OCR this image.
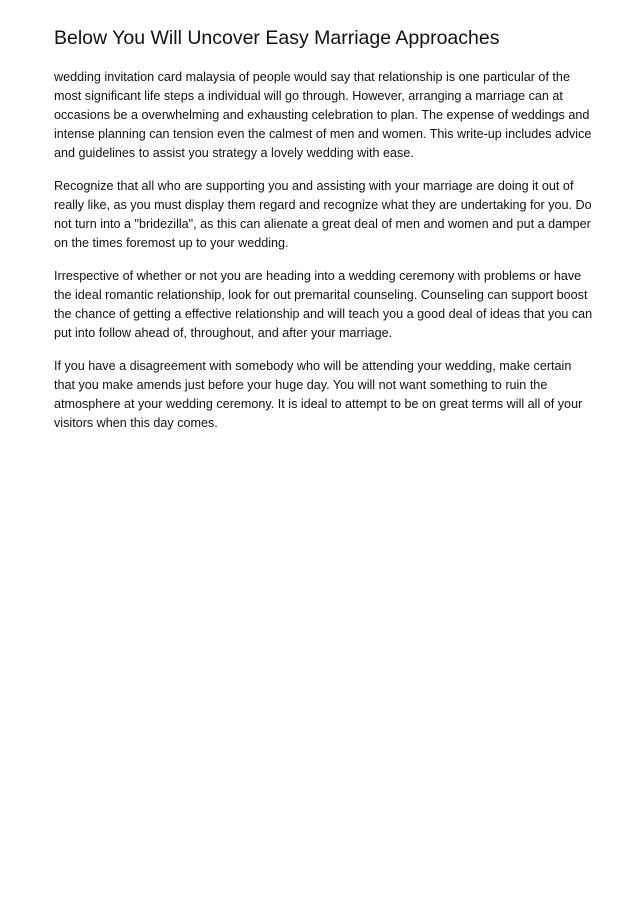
Below You Will Uncover Easy Marriage Approaches

wedding invitation card malaysia of people would say that relationship is one particular of the most significant life steps a individual will go through. However, arranging a marriage can at occasions be a overwhelming and exhausting celebration to plan. The expense of weddings and intense planning can tension even the calmest of men and women. This write-up includes advice and guidelines to assist you strategy a lovely wedding with ease.

Recognize that all who are supporting you and assisting with your marriage are doing it out of really like, as you must display them regard and recognize what they are undertaking for you. Do not turn into a "bridezilla", as this can alienate a great deal of men and women and put a damper on the times foremost up to your wedding.

Irrespective of whether or not you are heading into a wedding ceremony with problems or have the ideal romantic relationship, look for out premarital counseling. Counseling can support boost the chance of getting a effective relationship and will teach you a good deal of ideas that you can put into follow ahead of, throughout, and after your marriage.

If you have a disagreement with somebody who will be attending your wedding, make certain that you make amends just before your huge day. You will not want something to ruin the atmosphere at your wedding ceremony. It is ideal to attempt to be on great terms will all of your visitors when this day comes.
